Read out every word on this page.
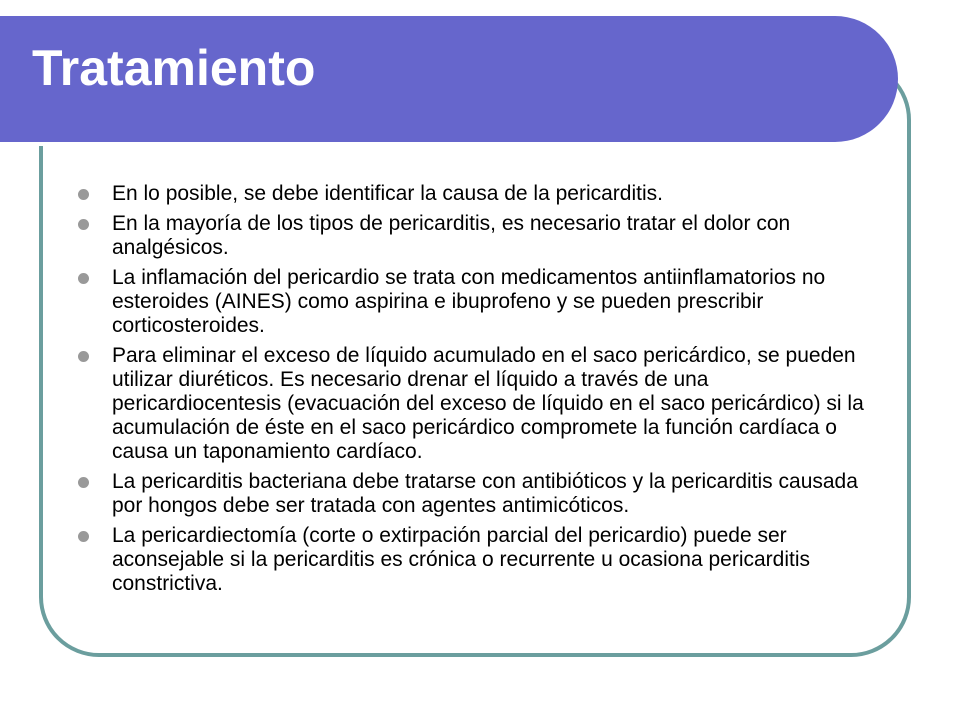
Tratamiento
En lo posible, se debe identificar la causa de la pericarditis.
En la mayoría de los tipos de pericarditis, es necesario tratar el dolor con analgésicos.
La inflamación del pericardio se trata con medicamentos antiinflamatorios no esteroides (AINES) como aspirina e ibuprofeno y se pueden prescribir corticosteroides.
Para eliminar el exceso de líquido acumulado en el saco pericárdico, se pueden utilizar diuréticos. Es necesario drenar el líquido a través de una pericardiocentesis (evacuación del exceso de líquido en el saco pericárdico) si la acumulación de éste en el saco pericárdico compromete la función cardíaca o causa un taponamiento cardíaco.
La pericarditis bacteriana debe tratarse con antibióticos y la pericarditis causada por hongos debe ser tratada con agentes antimicóticos.
La pericardiectomía (corte o extirpación parcial del pericardio) puede ser aconsejable si la pericarditis es crónica o recurrente u ocasiona pericarditis constrictiva.
